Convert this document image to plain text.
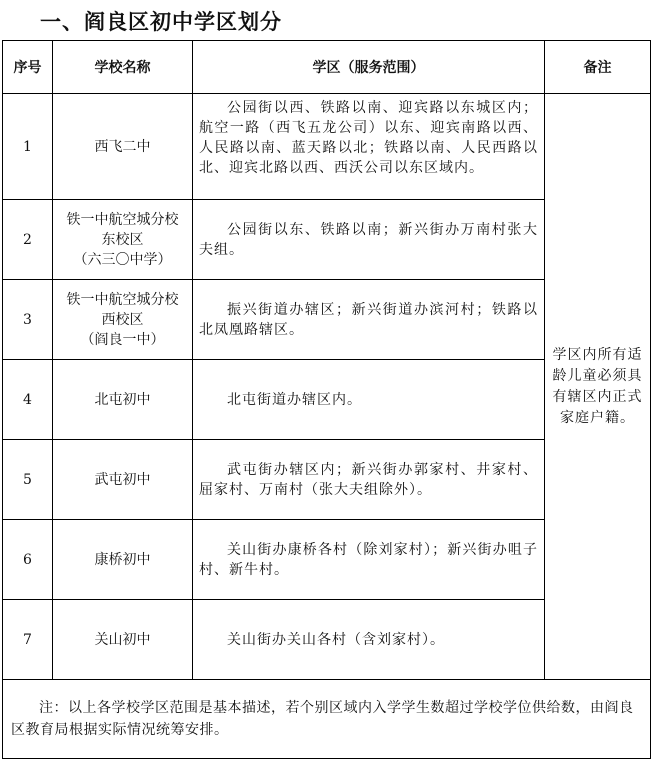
一、阎良区初中学区划分
序号	学校名称	学区（服务范围）	备注
1	西飞二中	公园街以西、铁路以南、迎宾路以东城区内；航空一路（西飞五龙公司）以东、迎宾南路以西、人民路以南、蓝天路以北；铁路以南、人民西路以北、迎宾北路以西、西沃公司以东区域内。	学区内所有适龄儿童必须具有辖区内正式家庭户籍。
2	铁一中航空城分校
东校区
（六三〇中学）	公园街以东、铁路以南；新兴街办万南村张大夫组。	
3	铁一中航空城分校
西校区
（阎良一中）	振兴街道办辖区；新兴街道办滨河村；铁路以北凤凰路辖区。	
4	北屯初中	北屯街道办辖区内。	
5	武屯初中	武屯街办辖区内；新兴街办郭家村、井家村、屈家村、万南村（张大夫组除外）。	
6	康桥初中	关山街办康桥各村（除刘家村）；新兴街办咀子村、新牛村。	
7	关山初中	关山街办关山各村（含刘家村）。	
注：以上各学校学区范围是基本描述，若个别区域内入学学生数超过学校学位供给数，由阎良区教育局根据实际情况统筹安排。			
